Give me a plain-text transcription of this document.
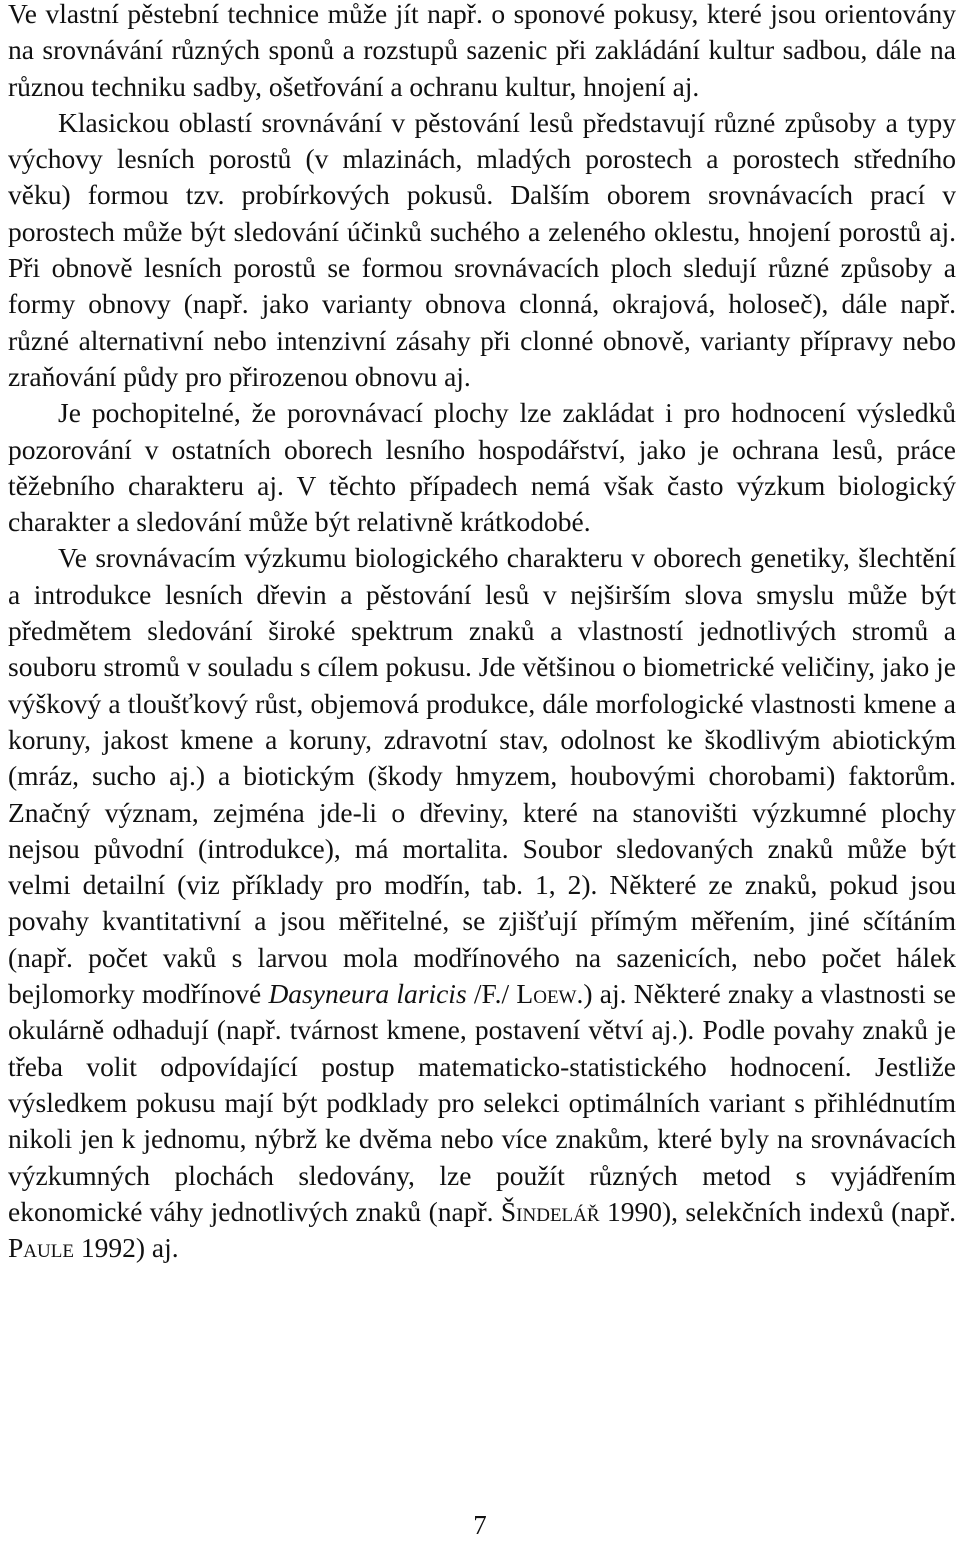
Ve vlastní pěstební technice může jít např. o sponové pokusy, které jsou orientovány na srovnávání různých sponů a rozstupů sazenic při zakládání kultur sadbou, dále na různou techniku sadby, ošetřování a ochranu kultur, hnojení aj.

Klasickou oblastí srovnávání v pěstování lesů představují různé způsoby a typy výchovy lesních porostů (v mlazinách, mladých porostech a porostech středního věku) formou tzv. probírkových pokusů. Dalším oborem srovnávacích prací v porostech může být sledování účinků suchého a zeleného oklestu, hnojení porostů aj. Při obnově lesních porostů se formou srovnávacích ploch sledují různé způsoby a formy obnovy (např. jako varianty obnova clonná, okrajová, holoseč), dále např. různé alternativní nebo intenzivní zásahy při clonné obnově, varianty přípravy nebo zraňování půdy pro přirozenou obnovu aj.

Je pochopitelné, že porovnávací plochy lze zakládat i pro hodnocení výsledků pozorování v ostatních oborech lesního hospodářství, jako je ochrana lesů, práce těžebního charakteru aj. V těchto případech nemá však často výzkum biologický charakter a sledování může být relativně krátkodobé.

Ve srovnávacím výzkumu biologického charakteru v oborech genetiky, šlechtění a introdukce lesních dřevin a pěstování lesů v nejširším slova smyslu může být předmětem sledování široké spektrum znaků a vlastností jednotlivých stromů a souboru stromů v souladu s cílem pokusu. Jde většinou o biometrické veličiny, jako je výškový a tloušťkový růst, objemová produkce, dále morfologické vlastnosti kmene a koruny, jakost kmene a koruny, zdravotní stav, odolnost ke škodlivým abiotickým (mráz, sucho aj.) a biotickým (škody hmyzem, houbovými chorobami) faktorům. Značný význam, zejména jde-li o dřeviny, které na stanovišti výzkumné plochy nejsou původní (introdukce), má mortalita. Soubor sledovaných znaků může být velmi detailní (viz příklady pro modřín, tab. 1, 2). Některé ze znaků, pokud jsou povahy kvantitativní a jsou měřitelné, se zjišťují přímým měřením, jiné sčítáním (např. počet vaků s larvou mola modřínového na sazenicích, nebo počet hálek bejlomorky modřínové Dasyneura laricis /F./ Loew.) aj. Některé znaky a vlastnosti se okulárně odhadují (např. tvárnost kmene, postavení větví aj.). Podle povahy znaků je třeba volit odpovídající postup matematicko-statistického hodnocení. Jestliže výsledkem pokusu mají být podklady pro selekci optimálních variant s přihlédnutím nikoli jen k jednomu, nýbrž ke dvěma nebo více znakům, které byly na srovnávacích výzkumných plochách sledovány, lze použít různých metod s vyjádřením ekonomické váhy jednotlivých znaků (např. Šindelář 1990), selekčních indexů (např. Paule 1992) aj.

7
